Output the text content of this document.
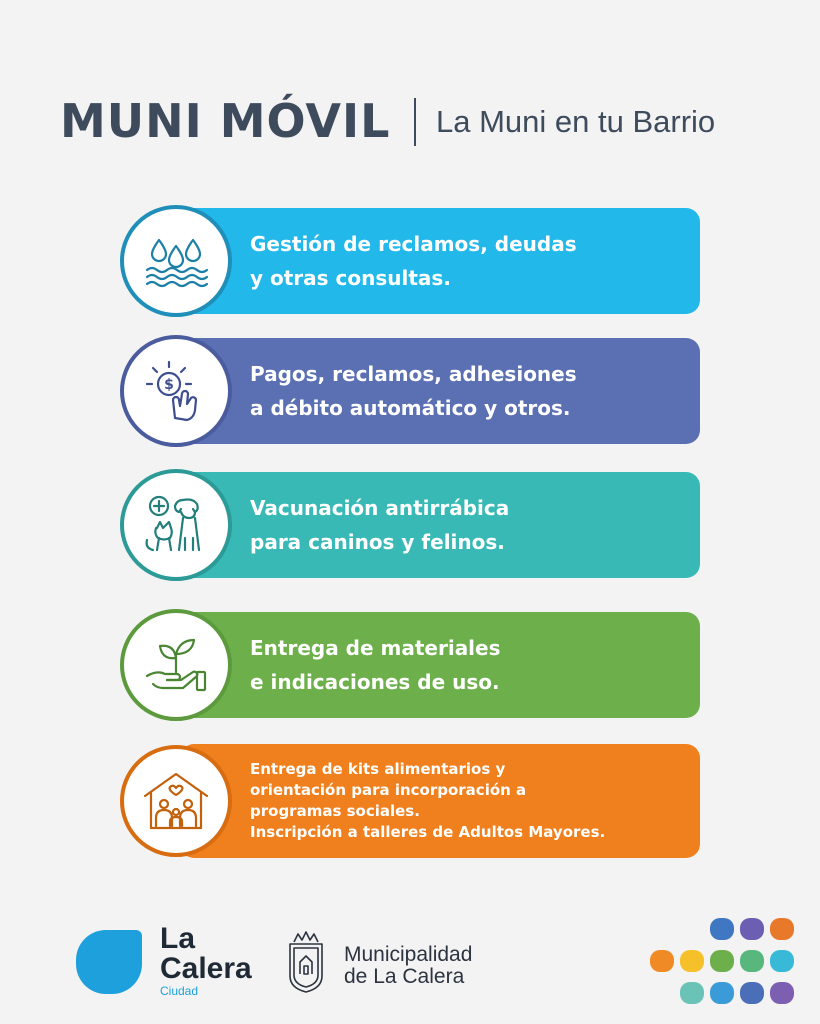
MUNI MÓVIL La Muni en tu Barrio
Gestión de reclamos, deudas
y otras consultas.
$	Pagos, reclamos, adhesiones
a débito automático y otros.
Vacunación antirrábica
para caninos y felinos.
Entrega de materiales
e indicaciones de uso.
Entrega de kits alimentarios y
orientación para incorporación a
programas sociales.
Inscripción a talleres de Adultos Mayores.
La
Calera
Ciudad
Municipalidad
de La Calera
